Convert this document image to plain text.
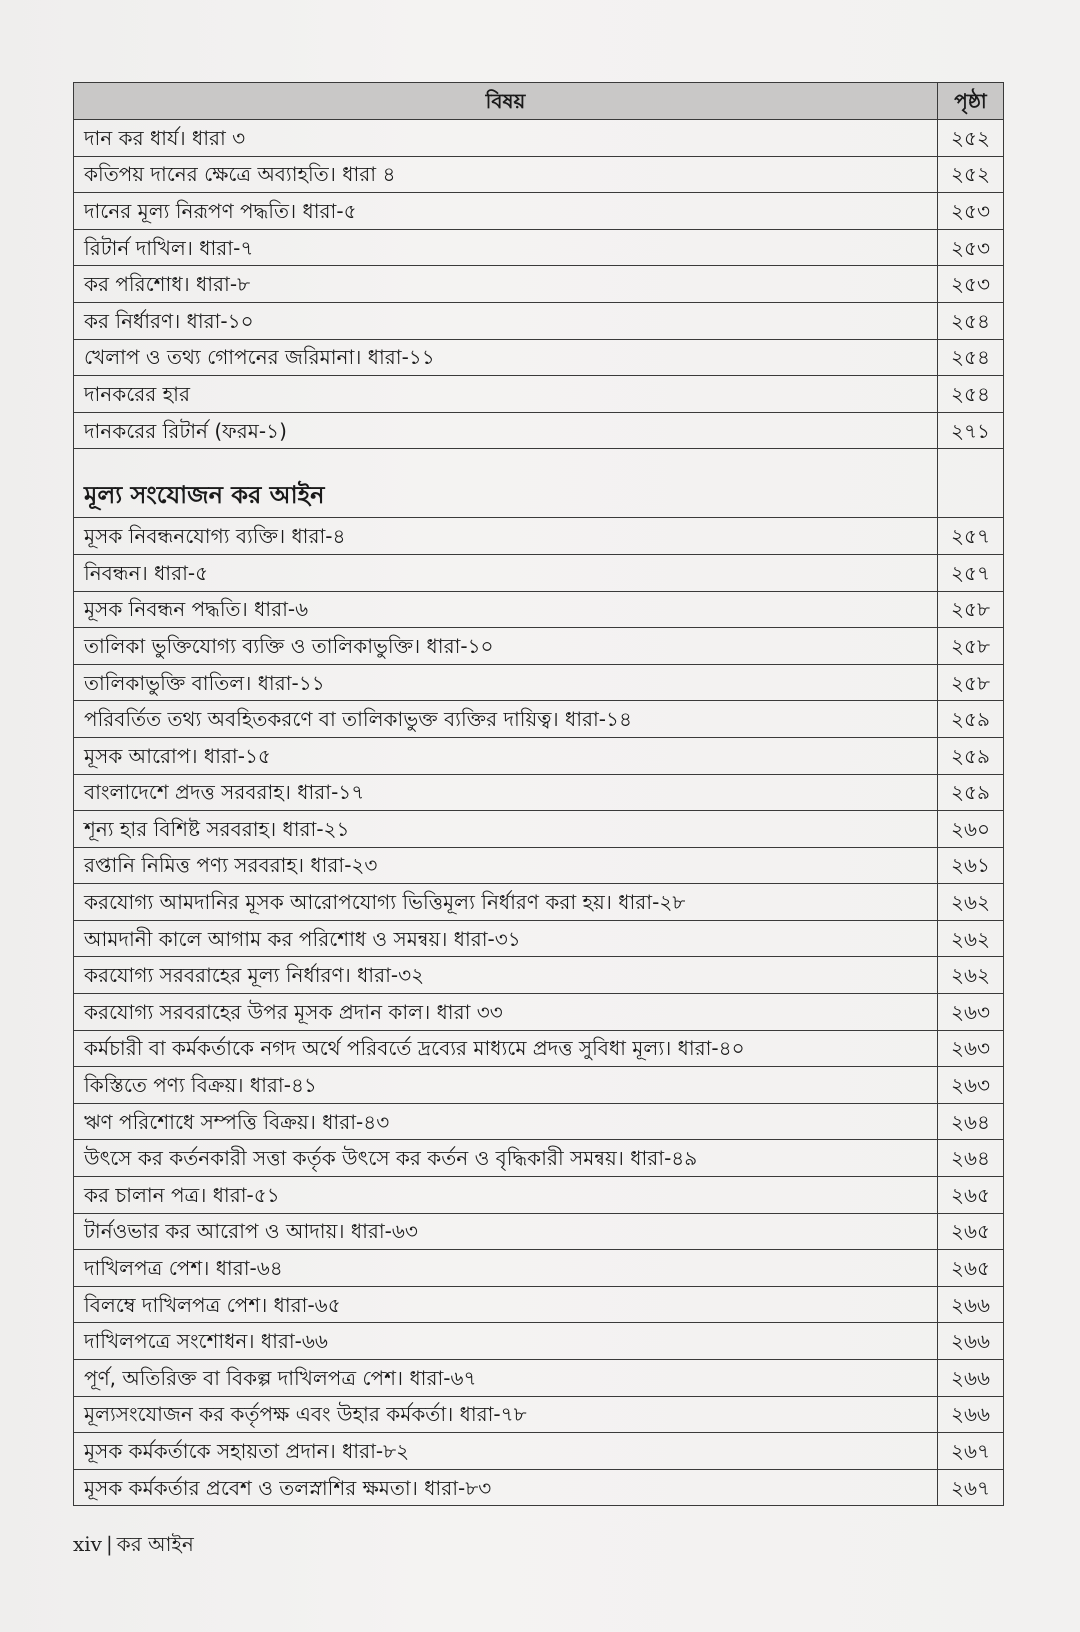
বিষয়	পৃষ্ঠা
দান কর ধার্য। ধারা ৩	২৫২
কতিপয় দানের ক্ষেত্রে অব্যাহতি। ধারা ৪	২৫২
দানের মূল্য নিরূপণ পদ্ধতি। ধারা-৫	২৫৩
রিটার্ন দাখিল। ধারা-৭	২৫৩
কর পরিশোধ। ধারা-৮	২৫৩
কর নির্ধারণ। ধারা-১০	২৫৪
খেলাপ ও তথ্য গোপনের জরিমানা। ধারা-১১	২৫৪
দানকরের হার	২৫৪
দানকরের রিটার্ন (ফরম-১)	২৭১
মূল্য সংযোজন কর আইন	
মূসক নিবন্ধনযোগ্য ব্যক্তি। ধারা-৪	২৫৭
নিবন্ধন। ধারা-৫	২৫৭
মূসক নিবন্ধন পদ্ধতি। ধারা-৬	২৫৮
তালিকা ভুক্তিযোগ্য ব্যক্তি ও তালিকাভুক্তি। ধারা-১০	২৫৮
তালিকাভুক্তি বাতিল। ধারা-১১	২৫৮
পরিবর্তিত তথ্য অবহিতকরণে বা তালিকাভুক্ত ব্যক্তির দায়িত্ব। ধারা-১৪	২৫৯
মূসক আরোপ। ধারা-১৫	২৫৯
বাংলাদেশে প্রদত্ত সরবরাহ। ধারা-১৭	২৫৯
শূন্য হার বিশিষ্ট সরবরাহ। ধারা-২১	২৬০
রপ্তানি নিমিত্ত পণ্য সরবরাহ। ধারা-২৩	২৬১
করযোগ্য আমদানির মূসক আরোপযোগ্য ভিত্তিমূল্য নির্ধারণ করা হয়। ধারা-২৮	২৬২
আমদানী কালে আগাম কর পরিশোধ ও সমন্বয়। ধারা-৩১	২৬২
করযোগ্য সরবরাহের মূল্য নির্ধারণ। ধারা-৩২	২৬২
করযোগ্য সরবরাহের উপর মূসক প্রদান কাল। ধারা ৩৩	২৬৩
কর্মচারী বা কর্মকর্তাকে নগদ অর্থে পরিবর্তে দ্রব্যের মাধ্যমে প্রদত্ত সুবিধা মূল্য। ধারা-৪০	২৬৩
কিস্তিতে পণ্য বিক্রয়। ধারা-৪১	২৬৩
ঋণ পরিশোধে সম্পত্তি বিক্রয়। ধারা-৪৩	২৬৪
উৎসে কর কর্তনকারী সত্তা কর্তৃক উৎসে কর কর্তন ও বৃদ্ধিকারী সমন্বয়। ধারা-৪৯	২৬৪
কর চালান পত্র। ধারা-৫১	২৬৫
টার্নওভার কর আরোপ ও আদায়। ধারা-৬৩	২৬৫
দাখিলপত্র পেশ। ধারা-৬৪	২৬৫
বিলম্বে দাখিলপত্র পেশ। ধারা-৬৫	২৬৬
দাখিলপত্রে সংশোধন। ধারা-৬৬	২৬৬
পূর্ণ, অতিরিক্ত বা বিকল্প দাখিলপত্র পেশ। ধারা-৬৭	২৬৬
মূল্যসংযোজন কর কর্তৃপক্ষ এবং উহার কর্মকর্তা। ধারা-৭৮	২৬৬
মূসক কর্মকর্তাকে সহায়তা প্রদান। ধারা-৮২	২৬৭
মূসক কর্মকর্তার প্রবেশ ও তলস্নাশির ক্ষমতা। ধারা-৮৩	২৬৭
xiv | কর আইন
